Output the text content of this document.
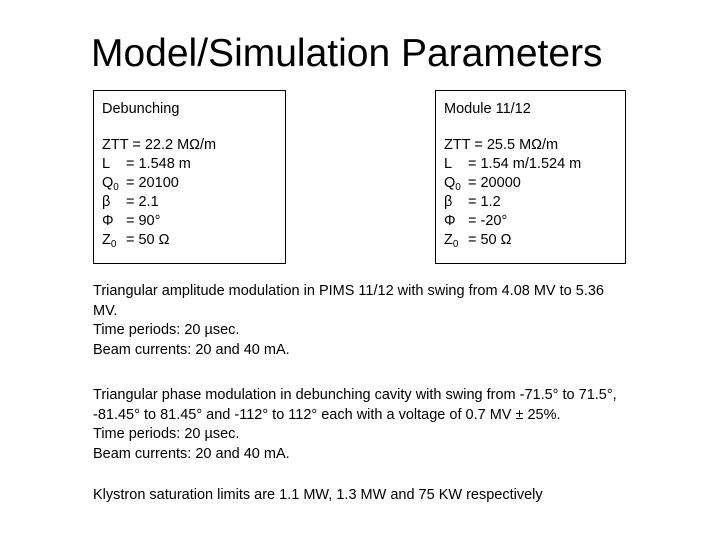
Model/Simulation Parameters
Debunching
ZTT = 22.2 MΩ/m
L = 1.548 m
$Q_0 = 20100$
β = 2.1
Φ = 90°
$Z_0 = 50$ Ω
Module 11/12
ZTT = 25.5 MΩ/m
L = 1.54 m/1.524 m
$Q_0 = 20000$
β = 1.2
Φ = -20°
$Z_0 = 50$ Ω
Triangular amplitude modulation in PIMS 11/12 with swing from 4.08 MV to 5.36
MV.
Time periods: 20 µsec.
Beam currents: 20 and 40 mA.
Triangular phase modulation in debunching cavity with swing from -71.5° to 71.5°,
-81.45° to 81.45° and -112° to 112° each with a voltage of 0.7 MV ± 25%.
Time periods: 20 µsec.
Beam currents: 20 and 40 mA.
Klystron saturation limits are 1.1 MW, 1.3 MW and 75 KW respectively
